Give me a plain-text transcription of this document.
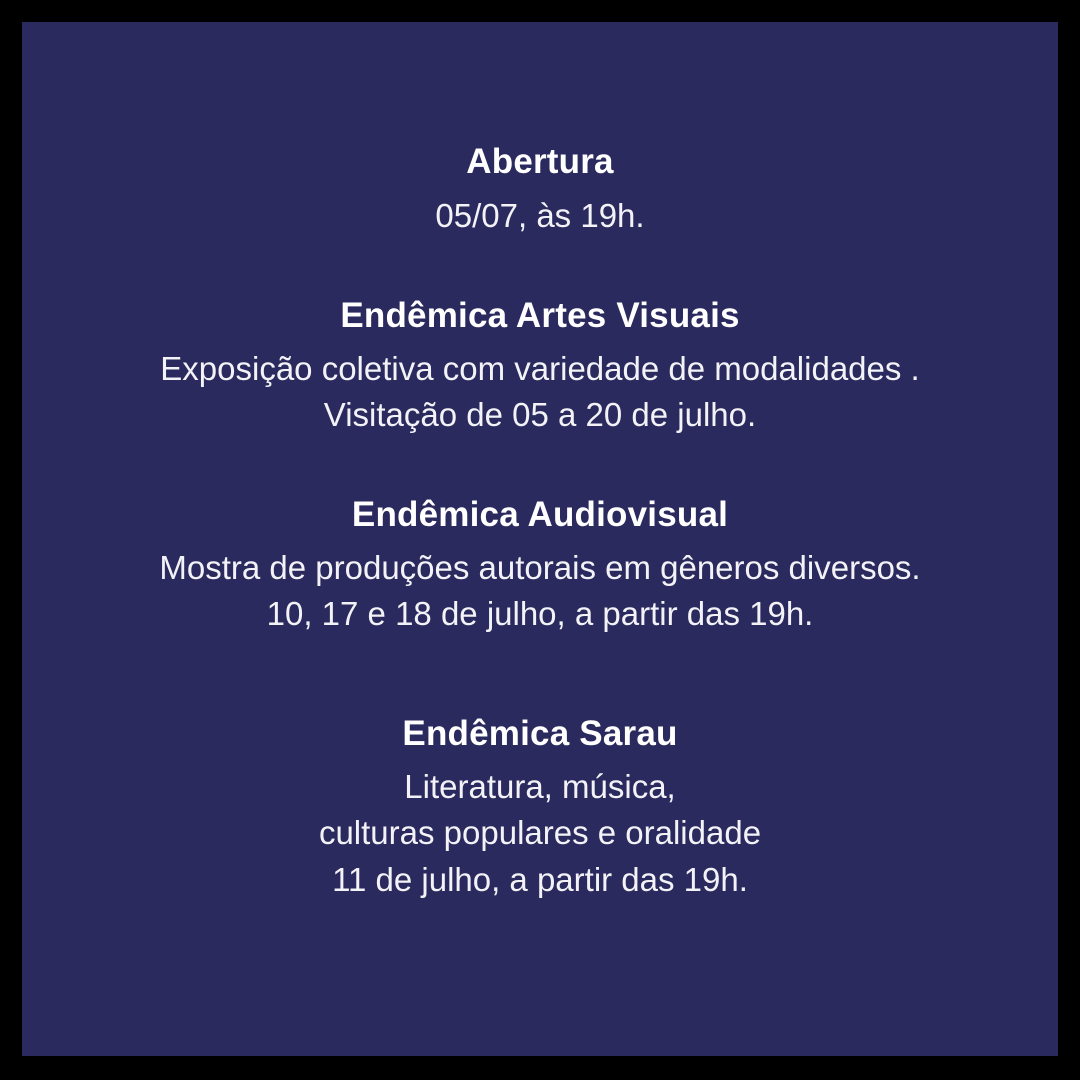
Abertura
05/07, às 19h.
Endêmica Artes Visuais
Exposição coletiva com variedade de modalidades .
Visitação de 05 a 20 de julho.
Endêmica Audiovisual
Mostra de produções autorais em gêneros diversos.
10, 17 e 18 de julho, a partir das 19h.
Endêmica Sarau
Literatura, música,
culturas populares e oralidade
11 de julho, a partir das 19h.
